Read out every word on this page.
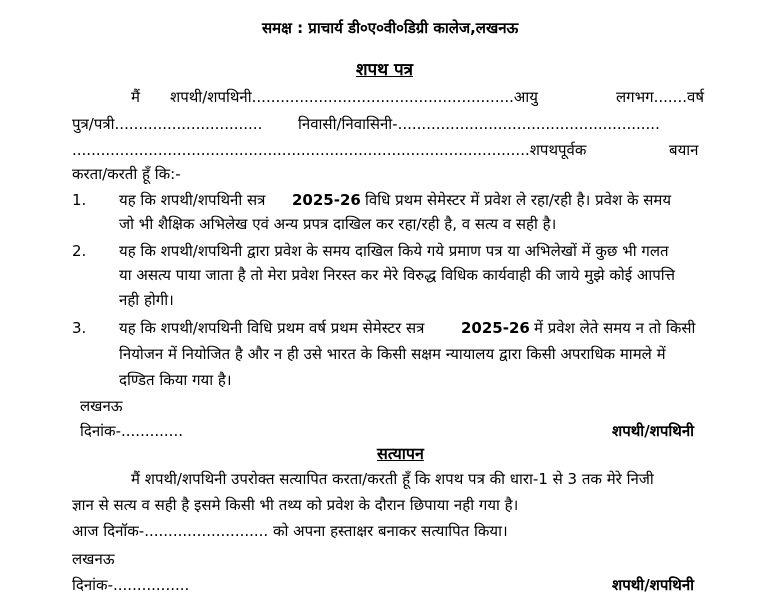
समक्ष : प्राचार्य डी०ए०वी०डिग्री कालेज,लखनऊ
शपथ पत्र
मैं शपथी/शपथिनी.......................................................आयु	लगभग.......वर्ष
पुत्र/पत्री............................... निवासी/निवासिनी-.......................................................
................................................................................................शपथपूर्वक	बयान
करता/करती हूँ कि:-
1.	यह कि शपथी/शपथिनी सत्र 2025-26 विधि प्रथम सेमेस्टर में प्रवेश ले रहा/रही है। प्रवेश के समय
जो भी शैक्षिक अभिलेख एवं अन्य प्रपत्र दाखिल कर रहा/रही है, व सत्य व सही है।
2.	यह कि शपथी/शपथिनी द्वारा प्रवेश के समय दाखिल किये गये प्रमाण पत्र या अभिलेखों में कुछ भी गलत
या असत्य पाया जाता है तो मेरा प्रवेश निरस्त कर मेरे विरुद्ध विधिक कार्यवाही की जाये मुझे कोई आपत्ति
नही होगी।
3.	यह कि शपथी/शपथिनी विधि प्रथम वर्ष प्रथम सेमेस्टर सत्र 2025-26 में प्रवेश लेते समय न तो किसी
नियोजन में नियोजित है और न ही उसे भारत के किसी सक्षम न्यायालय द्वारा किसी अपराधिक मामले में
दण्डित किया गया है।
लखनऊ
दिनांक-.............	शपथी/शपथिनी
सत्यापन
मैं शपथी/शपथिनी उपरोक्त सत्यापित करता/करती हूँ कि शपथ पत्र की धारा-1 से 3 तक मेरे निजी
ज्ञान से सत्य व सही है इसमे किसी भी तथ्य को प्रवेश के दौरान छिपाया नही गया है।
आज दिनॉक-.......................... को अपना हस्ताक्षर बनाकर सत्यापित किया।
लखनऊ
दिनांक-................	शपथी/शपथिनी
